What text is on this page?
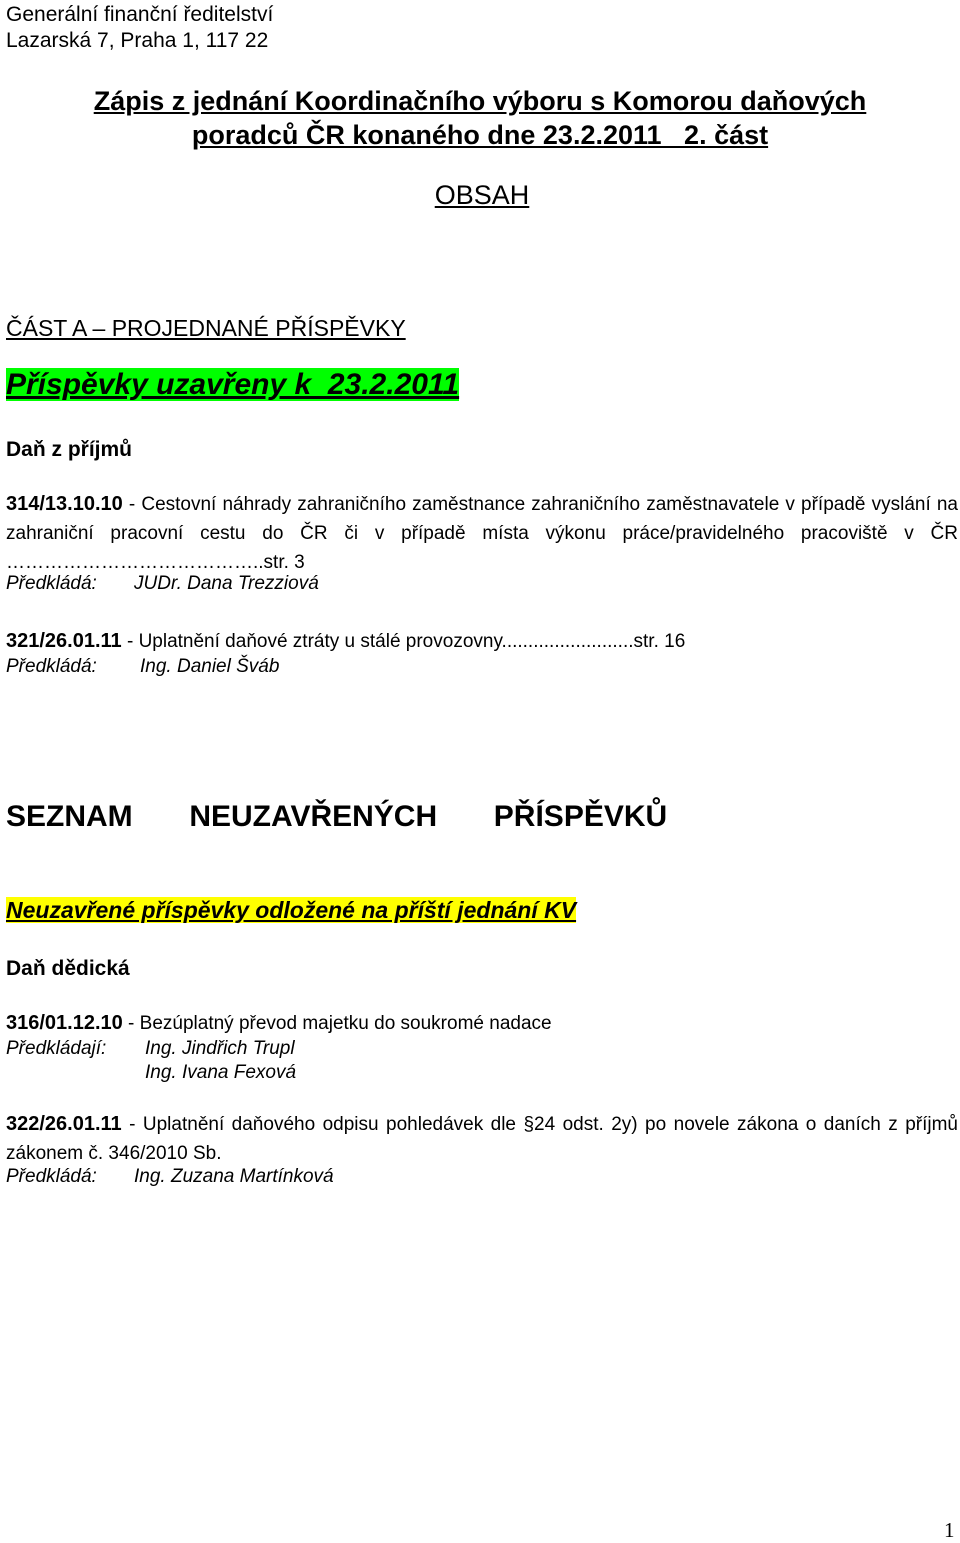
Generální finanční ředitelství
Lazarská 7, Praha 1, 117 22
Zápis z jednání Koordinačního výboru s Komorou daňových
poradců ČR konaného dne 23.2.2011   2. část
OBSAH
ČÁST A – PROJEDNANÉ PŘÍSPĚVKY
Příspěvky uzavřeny k  23.2.2011
Daň z příjmů
314/13.10.10 - Cestovní náhrady zahraničního zaměstnance zahraničního zaměstnavatele v případě vyslání na zahraniční pracovní cestu do ČR či v případě místa výkonu práce/pravidelného pracoviště v ČR …………………………………..str. 3
Předkládá: JUDr. Dana Trezziová
321/26.01.11 - Uplatnění daňové ztráty u stálé provozovny.........................str. 16
Předkládá: Ing. Daniel Šváb
SEZNAM  NEUZAVŘENÝCH  PŘÍSPĚVKŮ
Neuzavřené příspěvky odložené na příští jednání KV
Daň dědická
316/01.12.10 - Bezúplatný převod majetku do soukromé nadace
Předkládají: Ing. Jindřich Trupl
Ing. Ivana Fexová
322/26.01.11 - Uplatnění daňového odpisu pohledávek dle §24 odst. 2y) po novele zákona o daních z příjmů zákonem č. 346/2010 Sb.
Předkládá: Ing. Zuzana Martínková
1
